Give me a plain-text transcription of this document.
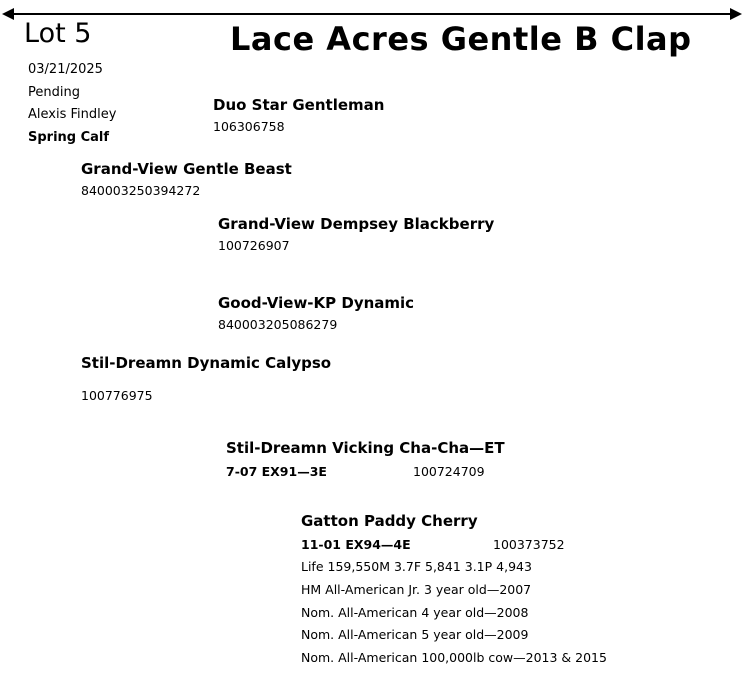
Lot 5	Lace Acres Gentle B Clap
03/21/2025
Pending
Alexis Findley
Spring Calf
Duo Star Gentleman
106306758
Grand-View Gentle Beast
840003250394272
Grand-View Dempsey Blackberry
100726907
Good-View-KP Dynamic
840003205086279
Stil-Dreamn Dynamic Calypso
100776975
Stil-Dreamn Vicking Cha-Cha—ET
7-07 EX91—3E	100724709
Gatton Paddy Cherry
11-01 EX94—4E	100373752
Life 159,550M 3.7F 5,841 3.1P 4,943
HM All-American Jr. 3 year old—2007
Nom. All-American 4 year old—2008
Nom. All-American 5 year old—2009
Nom. All-American 100,000lb cow—2013 & 2015
